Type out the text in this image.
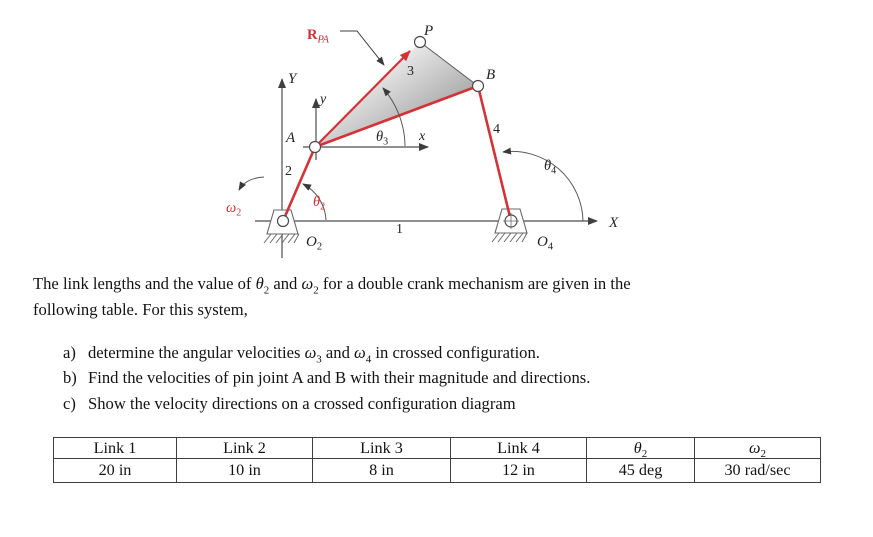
P
B
A
X
Y
y
x
1
2
3
4
$\theta_3$
$\theta_4$
$\theta_2$
$\omega_2$
$O_2$	$O_4$
$R_{PA}$
The link lengths and the value of $\theta_2$ and $\omega_2$ for a double crank mechanism are given in the
following table. For this system,
a) determine the angular velocities $\omega_3$ and $\omega_4$ in crossed configuration.
b) Find the velocities of pin joint A and B with their magnitude and directions.
c) Show the velocity directions on a crossed configuration diagram
Link 1	Link 2	Link 3	Link 4	$\theta_2$	$\omega_2$
20 in	10 in	8 in	12 in	45 deg	30 rad/sec
